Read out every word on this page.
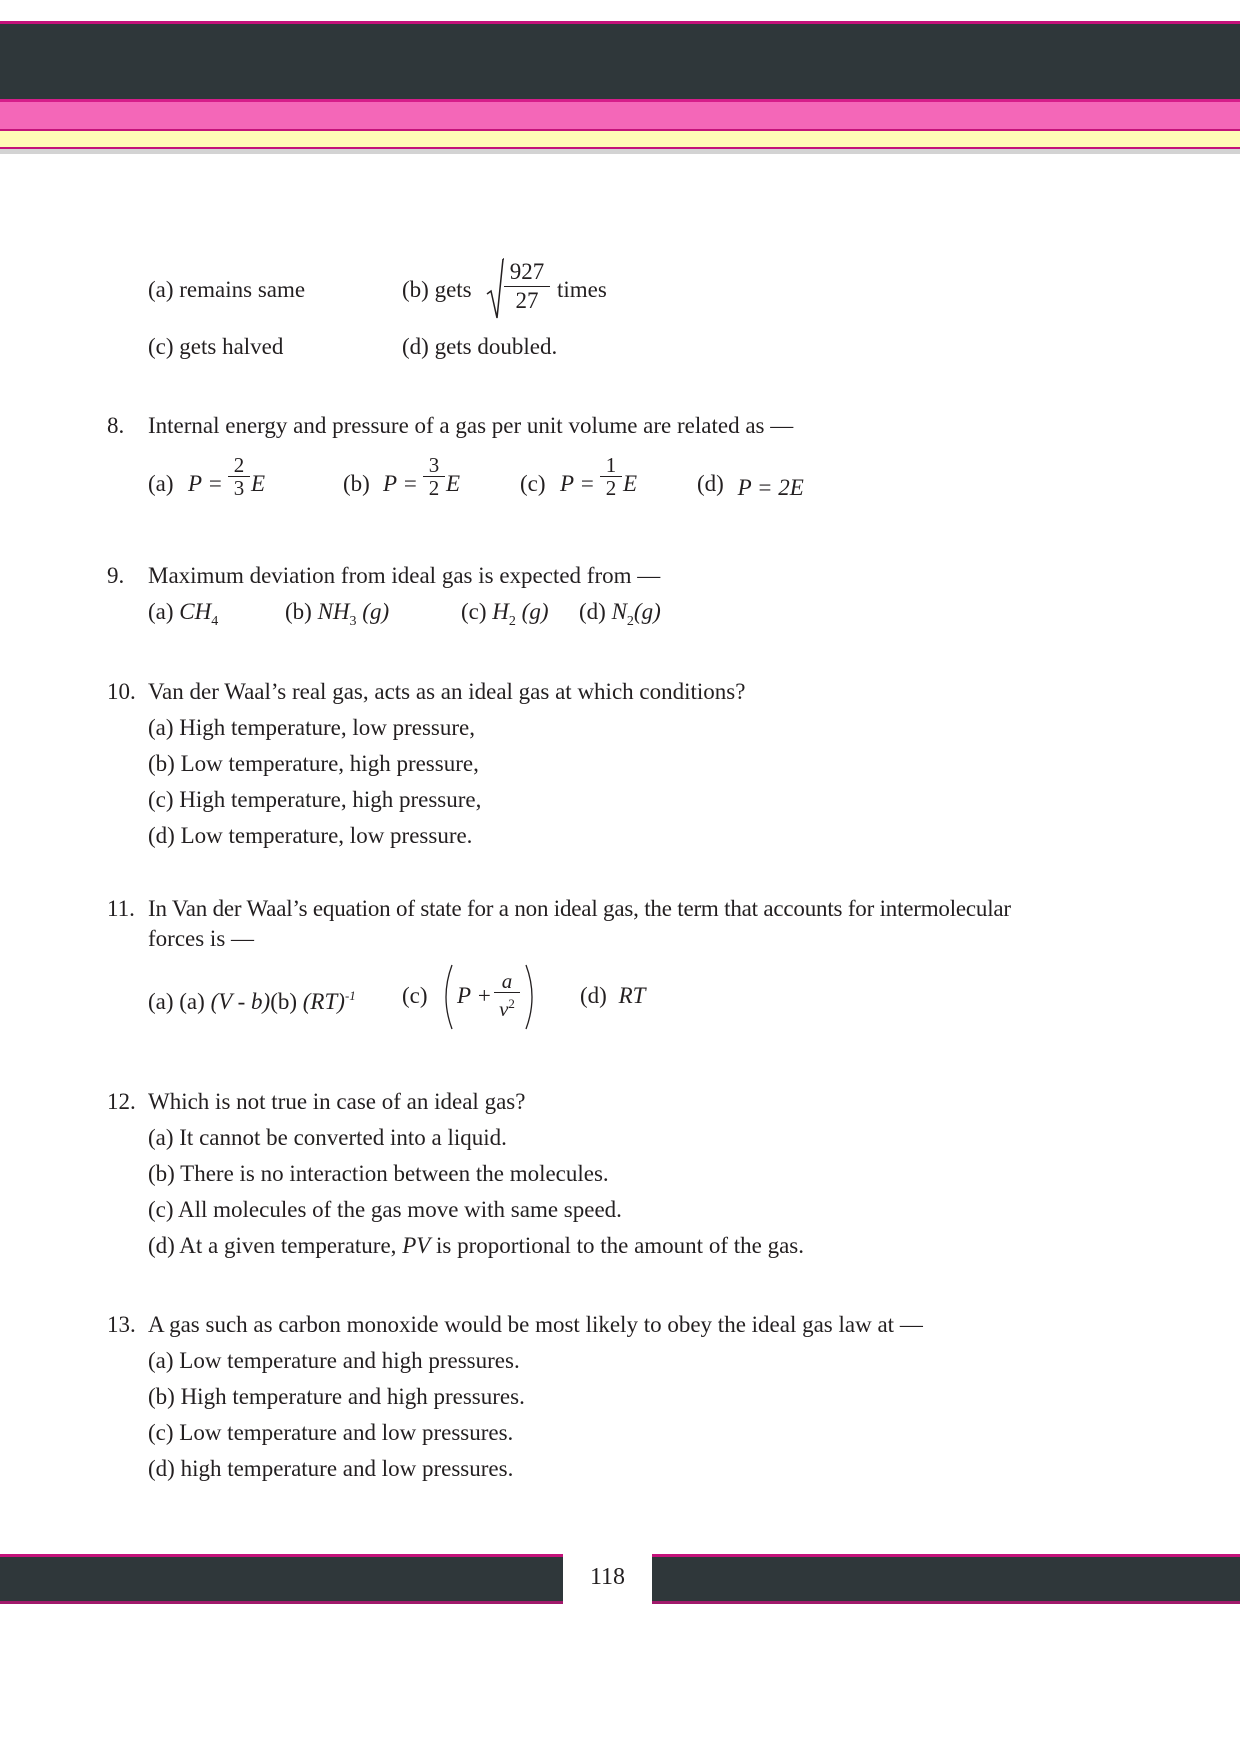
(a) remains same	(b) gets $\frac{927}{27}$ times
(c) gets halved	(d) gets doubled.
8. Internal energy and pressure of a gas per unit volume are related as —
(a) $P = \frac{2}{3}$ E	(b) $P = \frac{3}{2}$ E	(c) $P = \frac{1}{2}$ E	(d) P = 2E
9. Maximum deviation from ideal gas is expected from —
(a) $CH_4$	(b) $NH_3$ (g)	(c) $H_2$ (g) (d) $N_2(g)$
10. Van der Waal’s real gas, acts as an ideal gas at which conditions?
(a) High temperature, low pressure,
(b) Low temperature, high pressure,
(c) High temperature, high pressure,
(d) Low temperature, low pressure.
11. In Van der Waal’s equation of state for a non ideal gas, the term that accounts for intermolecular
forces is —
(a) (a) (V - b)(b) (RT)$^{-1}$ (c) $P + \frac{a}{v^2}$	(d) RT
12. Which is not true in case of an ideal gas?
(a) It cannot be converted into a liquid.
(b) There is no interaction between the molecules.
(c) All molecules of the gas move with same speed.
(d) At a given temperature, PV is proportional to the amount of the gas.
13. A gas such as carbon monoxide would be most likely to obey the ideal gas law at —
(a) Low temperature and high pressures.
(b) High temperature and high pressures.
(c) Low temperature and low pressures.
(d) high temperature and low pressures.
118
